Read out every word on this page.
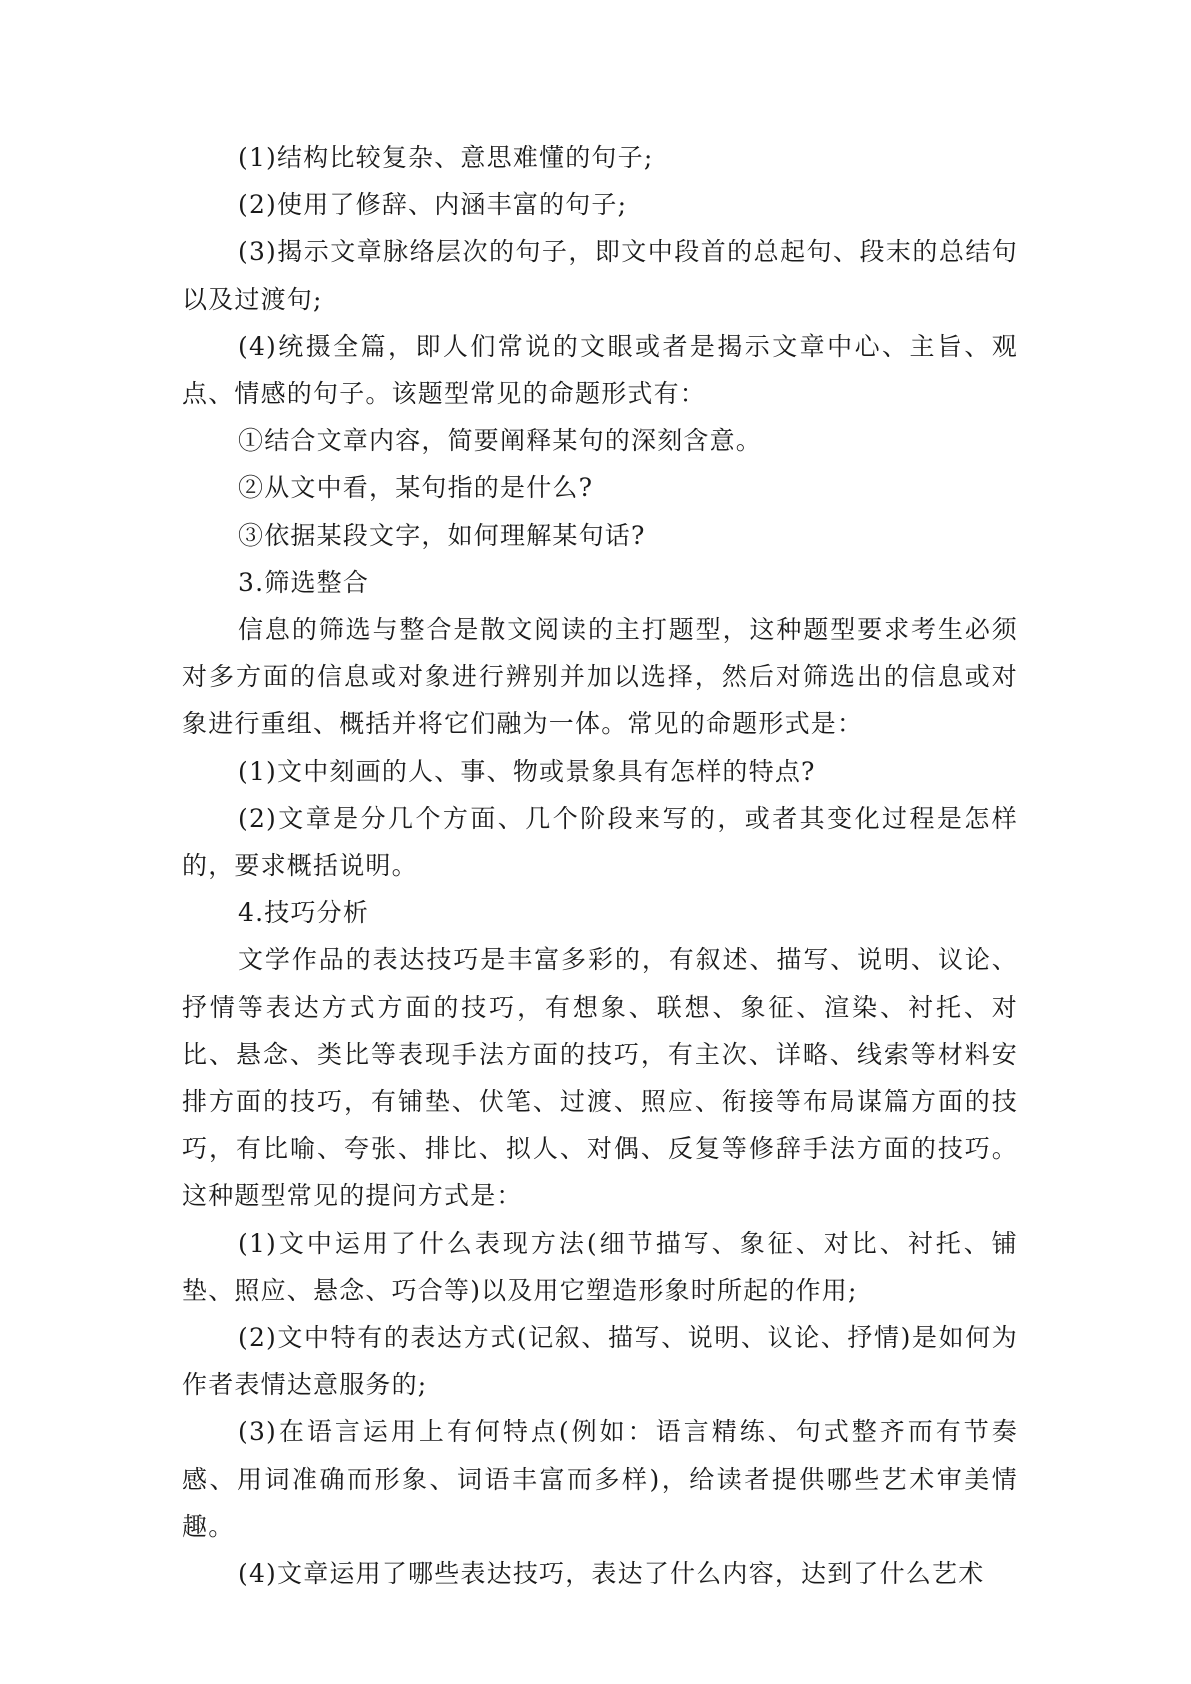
(1)结构比较复杂、意思难懂的句子;

(2)使用了修辞、内涵丰富的句子;

(3)揭示文章脉络层次的句子，即文中段首的总起句、段末的总结句以及过渡句;

(4)统摄全篇，即人们常说的文眼或者是揭示文章中心、主旨、观点、情感的句子。该题型常见的命题形式有：

①结合文章内容，简要阐释某句的深刻含意。

②从文中看，某句指的是什么?

③依据某段文字，如何理解某句话?

3.筛选整合

信息的筛选与整合是散文阅读的主打题型，这种题型要求考生必须对多方面的信息或对象进行辨别并加以选择，然后对筛选出的信息或对象进行重组、概括并将它们融为一体。常见的命题形式是：

(1)文中刻画的人、事、物或景象具有怎样的特点?

(2)文章是分几个方面、几个阶段来写的，或者其变化过程是怎样的，要求概括说明。

4.技巧分析

文学作品的表达技巧是丰富多彩的，有叙述、描写、说明、议论、抒情等表达方式方面的技巧，有想象、联想、象征、渲染、衬托、对比、悬念、类比等表现手法方面的技巧，有主次、详略、线索等材料安排方面的技巧，有铺垫、伏笔、过渡、照应、衔接等布局谋篇方面的技巧，有比喻、夸张、排比、拟人、对偶、反复等修辞手法方面的技巧。这种题型常见的提问方式是：

(1)文中运用了什么表现方法(细节描写、象征、对比、衬托、铺垫、照应、悬念、巧合等)以及用它塑造形象时所起的作用;

(2)文中特有的表达方式(记叙、描写、说明、议论、抒情)是如何为作者表情达意服务的;

(3)在语言运用上有何特点(例如：语言精练、句式整齐而有节奏感、用词准确而形象、词语丰富而多样)，给读者提供哪些艺术审美情趣。

(4)文章运用了哪些表达技巧，表达了什么内容，达到了什么艺术
